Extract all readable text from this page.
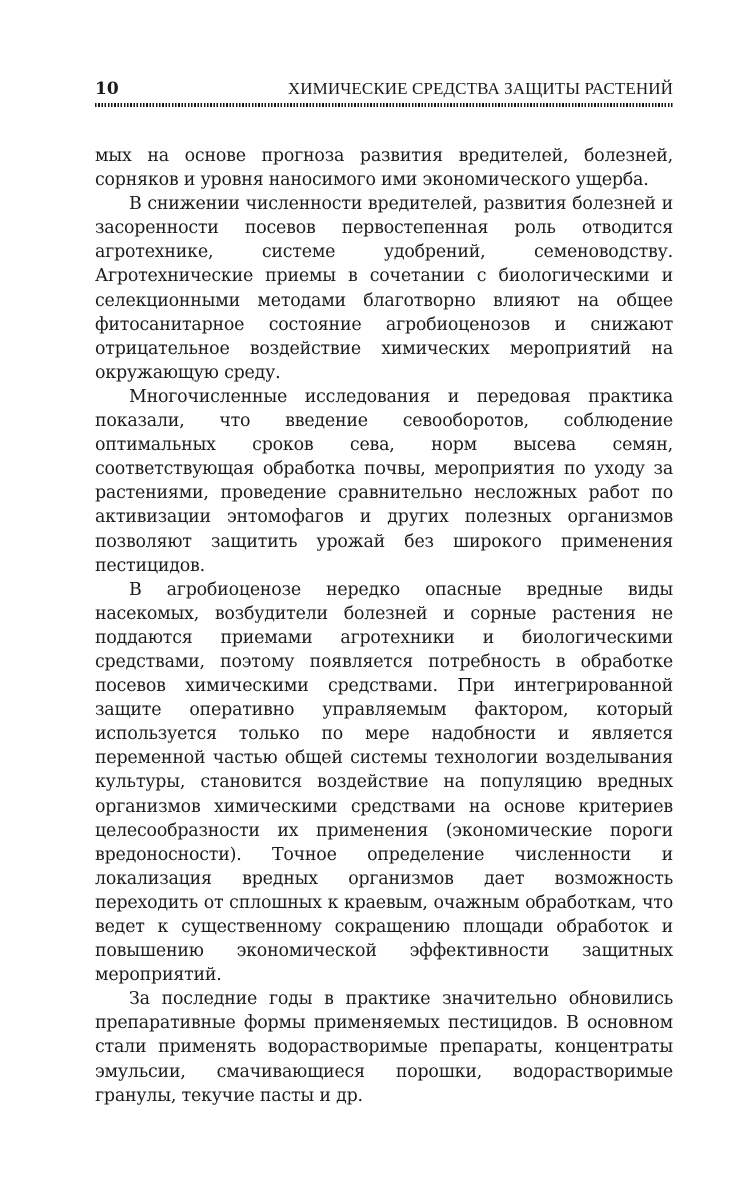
10	ХИМИЧЕСКИЕ СРЕДСТВА ЗАЩИТЫ РАСТЕНИЙ

мых на основе прогноза развития вредителей, болезней, сорняков и уровня наносимого ими экономического ущерба.

В снижении численности вредителей, развития болезней и засоренности посевов первостепенная роль отводится агротехнике, системе удобрений, семеноводству. Агротехнические приемы в сочетании с биологическими и селекционными методами благотворно влияют на общее фитосанитарное состояние агробиоценозов и снижают отрицательное воздействие химических мероприятий на окружающую среду.

Многочисленные исследования и передовая практика показали, что введение севооборотов, соблюдение оптимальных сроков сева, норм высева семян, соответствующая обработка почвы, мероприятия по уходу за растениями, проведение сравнительно несложных работ по активизации энтомофагов и других полезных организмов позволяют защитить урожай без широкого применения пестицидов.

В агробиоценозе нередко опасные вредные виды насекомых, возбудители болезней и сорные растения не поддаются приемами агротехники и биологическими средствами, поэтому появляется потребность в обработке посевов химическими средствами. При интегрированной защите оперативно управляемым фактором, который используется только по мере надобности и является переменной частью общей системы технологии возделывания культуры, становится воздействие на популяцию вредных организмов химическими средствами на основе критериев целесообразности их применения (экономические пороги вредоносности). Точное определение численности и локализация вредных организмов дает возможность переходить от сплошных к краевым, очажным обработкам, что ведет к существенному сокращению площади обработок и повышению экономической эффективности защитных мероприятий.

За последние годы в практике значительно обновились препаративные формы применяемых пестицидов. В основном стали применять водорастворимые препараты, концентраты эмульсии, смачивающиеся порошки, водорастворимые гранулы, текучие пасты и др.
